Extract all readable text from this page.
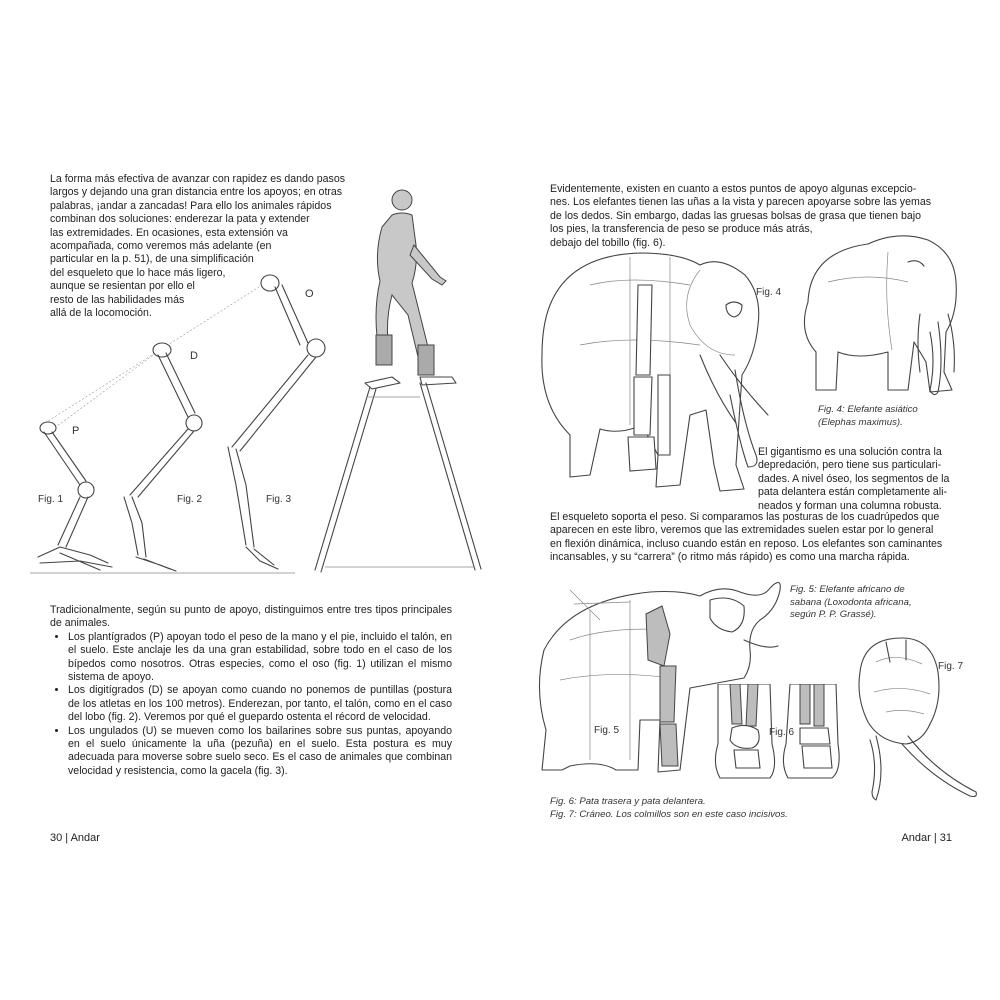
La forma más efectiva de avanzar con rapidez es dando pasos
largos y dejando una gran distancia entre los apoyos; en otras
palabras, ¡andar a zancadas! Para ello los animales rápidos
combinan dos soluciones: enderezar la pata y extender
las extremidades. En ocasiones, esta extensión va
acompañada, como veremos más adelante (en
particular en la p. 51), de una simplificación
del esqueleto que lo hace más ligero,
aunque se resientan por ello el
resto de las habilidades más
allá de la locomoción.
P
D
O
Fig. 1	Fig. 2	Fig. 3
Tradicionalmente, según su punto de apoyo, distinguimos entre tres tipos principales de animales.
• Los plantígrados (P) apoyan todo el peso de la mano y el pie, incluido el talón, en el suelo. Este anclaje les da una gran estabilidad, sobre todo en el caso de los bípedos como nosotros. Otras especies, como el oso (fig. 1) utilizan el mismo sistema de apoyo.
• Los digitígrados (D) se apoyan como cuando no ponemos de puntillas (postura de los atletas en los 100 metros). Enderezan, por tanto, el talón, como en el caso del lobo (fig. 2). Veremos por qué el guepardo ostenta el récord de velocidad.
• Los ungulados (U) se mueven como los bailarines sobre sus puntas, apoyando en el suelo únicamente la uña (pezuña) en el suelo. Esta postura es muy adecuada para moverse sobre suelo seco. Es el caso de animales que combinan velocidad y resistencia, como la gacela (fig. 3).
30 | Andar
Evidentemente, existen en cuanto a estos puntos de apoyo algunas excepcio-
nes. Los elefantes tienen las uñas a la vista y parecen apoyarse sobre las yemas
de los dedos. Sin embargo, dadas las gruesas bolsas de grasa que tienen bajo
los pies, la transferencia de peso se produce más atrás,
debajo del tobillo (fig. 6).
Fig. 4
Fig. 4: Elefante asiático
(Elephas maximus).
El gigantismo es una solución contra la
depredación, pero tiene sus particulari-
dades. A nivel óseo, los segmentos de la
pata delantera están completamente ali-
neados y forman una columna robusta.
El esqueleto soporta el peso. Si comparamos las posturas de los cuadrúpedos que
aparecen en este libro, veremos que las extremidades suelen estar por lo general
en flexión dinámica, incluso cuando están en reposo. Los elefantes son caminantes
incansables, y su “carrera” (o ritmo más rápido) es como una marcha rápida.
Fig. 5: Elefante africano de
sabana (Loxodonta africana,
según P. P. Grassé).
Fig. 5	Fig. 6
Fig. 7
Fig. 6: Pata trasera y pata delantera.
Fig. 7: Cráneo. Los colmillos son en este caso incisivos.
Andar | 31
